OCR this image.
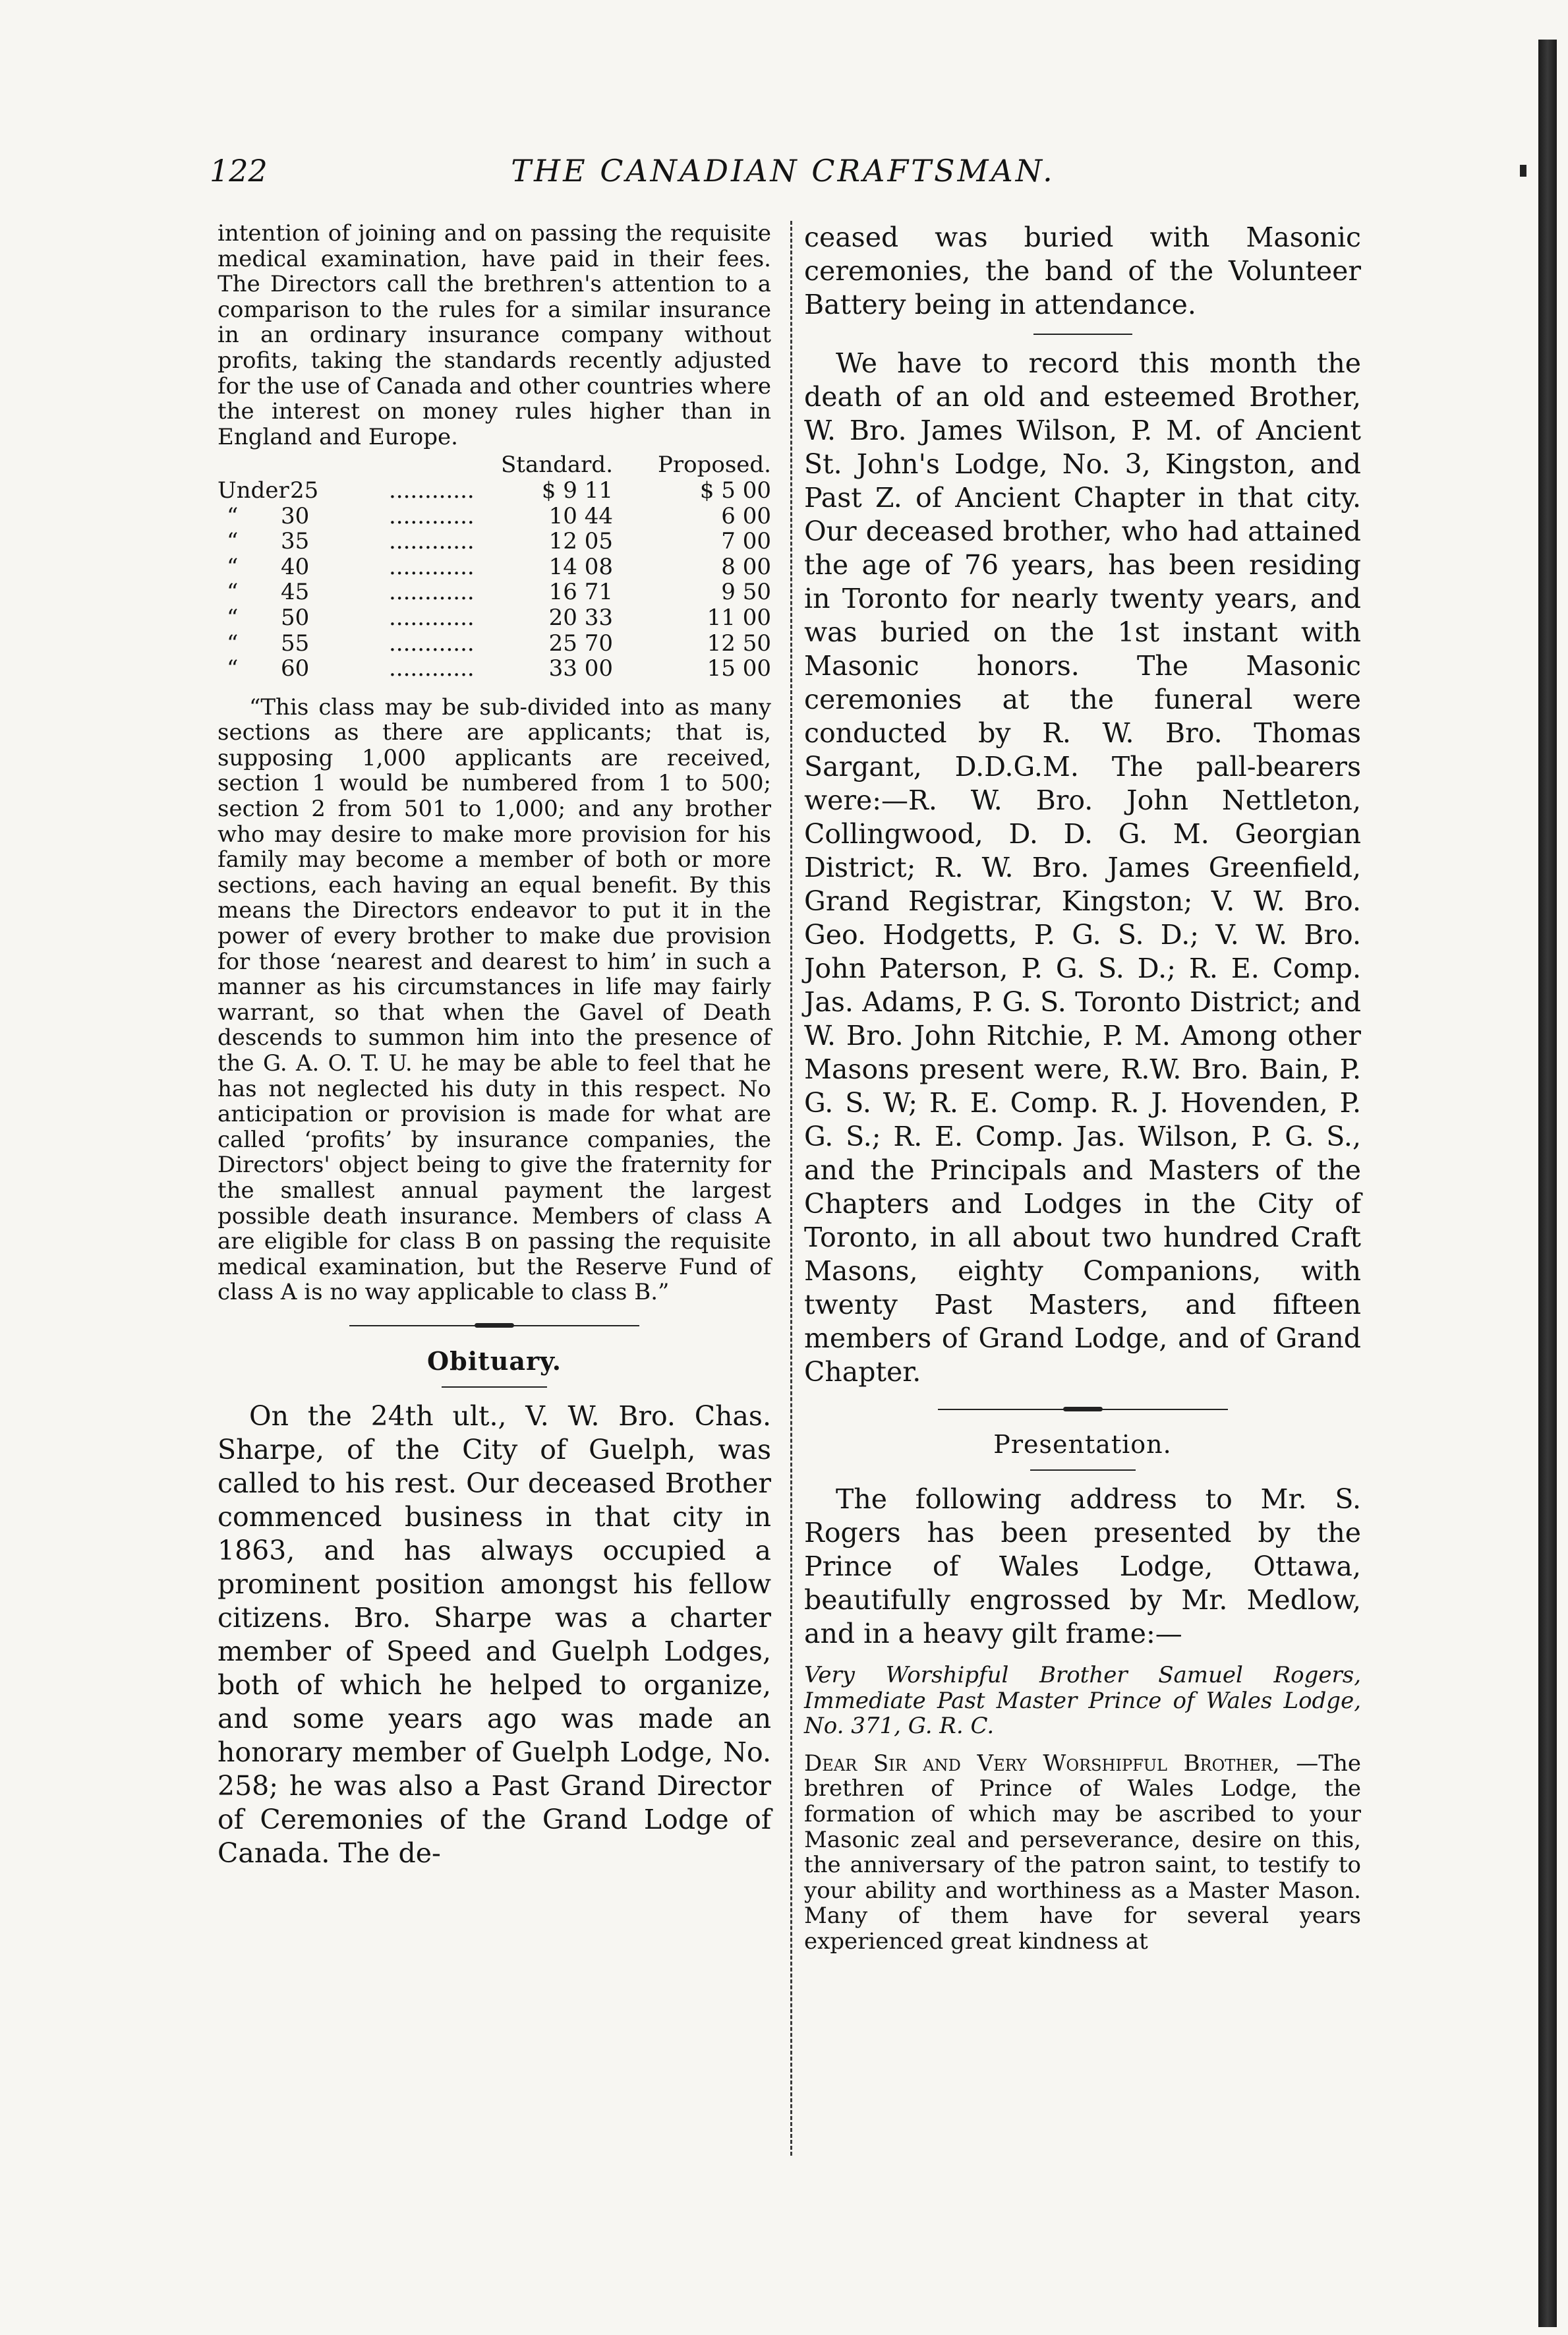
122	THE CANADIAN CRAFTSMAN.

intention of joining and on passing the requisite medical examination, have paid in their fees. The Directors call the brethren's attention to a comparison to the rules for a similar insurance in an ordinary insurance company without profits, taking the standards recently adjusted for the use of Canada and other countries where the interest on money rules higher than in England and Europe.

Standard.			Proposed.
Under25	............	$ 9 11	$ 5 00
“ 30	............	10 44	6 00
“ 35	............	12 05	7 00
“ 40	............	14 08	8 00
“ 45	............	16 71	9 50
“ 50	............	20 33	11 00
“ 55	............	25 70	12 50
“ 60	............	33 00	15 00

“This class may be sub-divided into as many sections as there are applicants; that is, supposing 1,000 applicants are received, section 1 would be numbered from 1 to 500; section 2 from 501 to 1,000; and any brother who may desire to make more provision for his family may become a member of both or more sections, each having an equal benefit. By this means the Directors endeavor to put it in the power of every brother to make due provision for those ‘nearest and dearest to him’ in such a manner as his circumstances in life may fairly warrant, so that when the Gavel of Death descends to summon him into the presence of the G. A. O. T. U. he may be able to feel that he has not neglected his duty in this respect. No anticipation or provision is made for what are called ‘profits’ by insurance companies, the Directors' object being to give the fraternity for the smallest annual payment the largest possible death insurance. Members of class A are eligible for class B on passing the requisite medical examination, but the Reserve Fund of class A is no way applicable to class B.”

Obituary.

On the 24th ult., V. W. Bro. Chas. Sharpe, of the City of Guelph, was called to his rest. Our deceased Brother commenced business in that city in 1863, and has always occupied a prominent position amongst his fellow citizens. Bro. Sharpe was a charter member of Speed and Guelph Lodges, both of which he helped to organize, and some years ago was made an honorary member of Guelph Lodge, No. 258; he was also a Past Grand Director of Ceremonies of the Grand Lodge of Canada. The de-

ceased was buried with Masonic ceremonies, the band of the Volunteer Battery being in attendance.

We have to record this month the death of an old and esteemed Brother, W. Bro. James Wilson, P. M. of Ancient St. John's Lodge, No. 3, Kingston, and Past Z. of Ancient Chapter in that city. Our deceased brother, who had attained the age of 76 years, has been residing in Toronto for nearly twenty years, and was buried on the 1st instant with Masonic honors. The Masonic ceremonies at the funeral were conducted by R. W. Bro. Thomas Sargant, D.D.G.M. The pall-bearers were:—R. W. Bro. John Nettleton, Collingwood, D. D. G. M. Georgian District; R. W. Bro. James Greenfield, Grand Registrar, Kingston; V. W. Bro. Geo. Hodgetts, P. G. S. D.; V. W. Bro. John Paterson, P. G. S. D.; R. E. Comp. Jas. Adams, P. G. S. Toronto District; and W. Bro. John Ritchie, P. M. Among other Masons present were, R.W. Bro. Bain, P. G. S. W; R. E. Comp. R. J. Hovenden, P. G. S.; R. E. Comp. Jas. Wilson, P. G. S., and the Principals and Masters of the Chapters and Lodges in the City of Toronto, in all about two hundred Craft Masons, eighty Companions, with twenty Past Masters, and fifteen members of Grand Lodge, and of Grand Chapter.

Presentation.

The following address to Mr. S. Rogers has been presented by the Prince of Wales Lodge, Ottawa, beautifully engrossed by Mr. Medlow, and in a heavy gilt frame:—

Very Worshipful Brother Samuel Rogers, Immediate Past Master Prince of Wales Lodge, No. 371, G. R. C.

Dear Sir and Very Worshipful Brother, —The brethren of Prince of Wales Lodge, the formation of which may be ascribed to your Masonic zeal and perseverance, desire on this, the anniversary of the patron saint, to testify to your ability and worthiness as a Master Mason. Many of them have for several years experienced great kindness at
